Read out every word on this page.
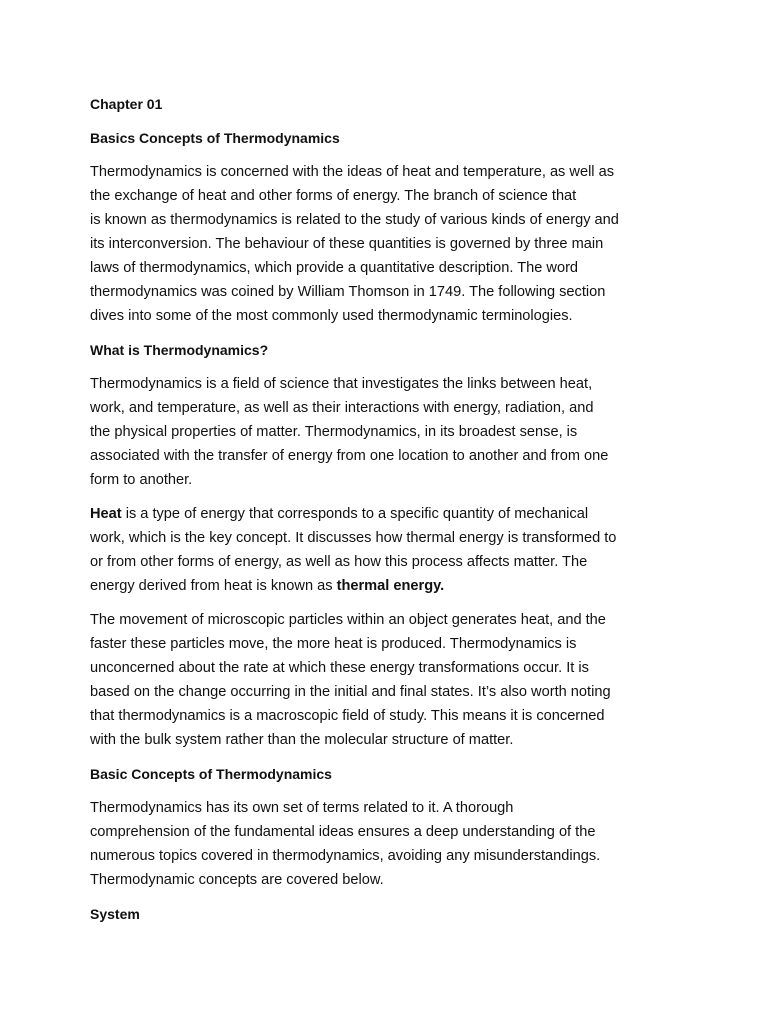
Chapter 01
Basics Concepts of Thermodynamics
Thermodynamics is concerned with the ideas of heat and temperature, as well as
the exchange of heat and other forms of energy. The branch of science that
is known as thermodynamics is related to the study of various kinds of energy and
its interconversion. The behaviour of these quantities is governed by three main
laws of thermodynamics, which provide a quantitative description. The word
thermodynamics was coined by William Thomson in 1749. The following section
dives into some of the most commonly used thermodynamic terminologies.
What is Thermodynamics?
Thermodynamics is a field of science that investigates the links between heat,
work, and temperature, as well as their interactions with energy, radiation, and
the physical properties of matter. Thermodynamics, in its broadest sense, is
associated with the transfer of energy from one location to another and from one
form to another.
Heat is a type of energy that corresponds to a specific quantity of mechanical
work, which is the key concept. It discusses how thermal energy is transformed to
or from other forms of energy, as well as how this process affects matter. The
energy derived from heat is known as thermal energy.
The movement of microscopic particles within an object generates heat, and the
faster these particles move, the more heat is produced. Thermodynamics is
unconcerned about the rate at which these energy transformations occur. It is
based on the change occurring in the initial and final states. It’s also worth noting
that thermodynamics is a macroscopic field of study. This means it is concerned
with the bulk system rather than the molecular structure of matter.
Basic Concepts of Thermodynamics
Thermodynamics has its own set of terms related to it. A thorough
comprehension of the fundamental ideas ensures a deep understanding of the
numerous topics covered in thermodynamics, avoiding any misunderstandings.
Thermodynamic concepts are covered below.
System
